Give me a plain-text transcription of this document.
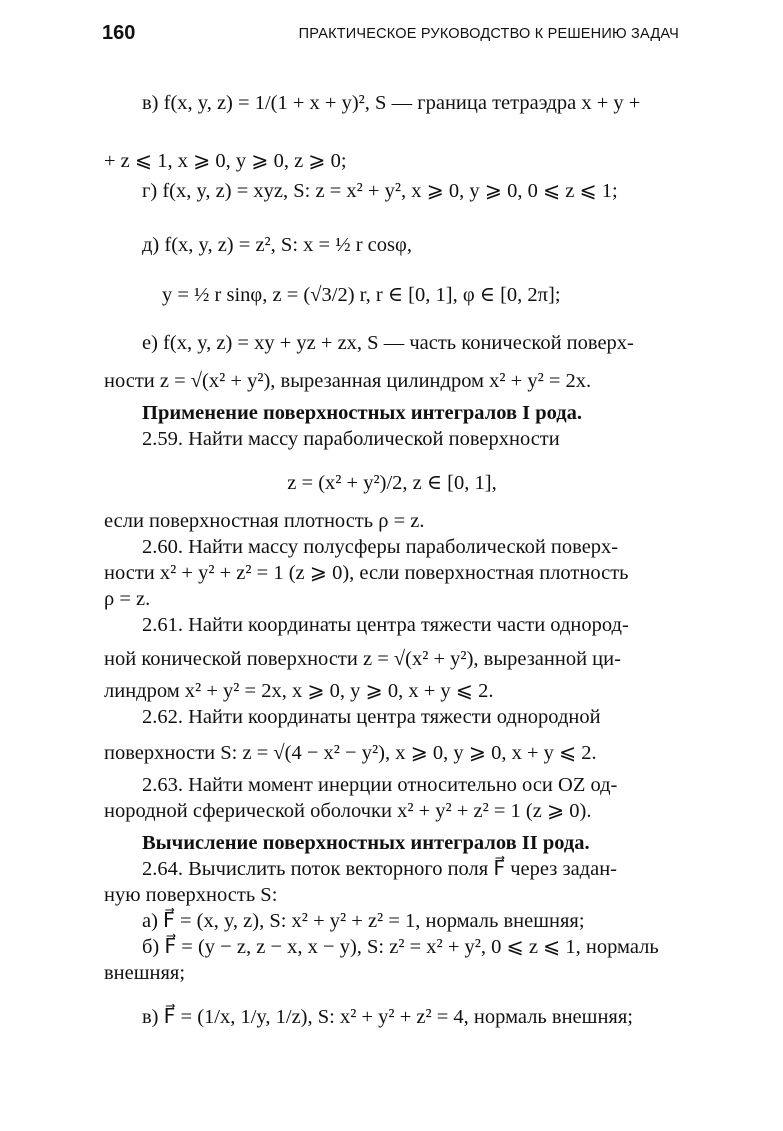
160	ПРАКТИЧЕСКОЕ РУКОВОДСТВО К РЕШЕНИЮ ЗАДАЧ
в) f(x, y, z) = 1/(1 + x + y)², S — граница тетраэдра x + y +
+ z ⩽ 1, x ⩾ 0, y ⩾ 0, z ⩾ 0;
г) f(x, y, z) = xyz, S: z = x² + y², x ⩾ 0, y ⩾ 0, 0 ⩽ z ⩽ 1;
д) f(x, y, z) = z², S: x = ½ r cosφ,
y = ½ r sinφ, z = (√3/2) r, r ∈ [0, 1], φ ∈ [0, 2π];
е) f(x, y, z) = xy + yz + zx, S — часть конической поверх-
ности z = √(x² + y²), вырезанная цилиндром x² + y² = 2x.
Применение поверхностных интегралов I рода.
2.59. Найти массу параболической поверхности
z = (x² + y²)/2, z ∈ [0, 1],
если поверхностная плотность ρ = z.
2.60. Найти массу полусферы параболической поверх-
ности x² + y² + z² = 1 (z ⩾ 0), если поверхностная плотность
ρ = z.
2.61. Найти координаты центра тяжести части однород-
ной конической поверхности z = √(x² + y²), вырезанной ци-
линдром x² + y² = 2x, x ⩾ 0, y ⩾ 0, x + y ⩽ 2.
2.62. Найти координаты центра тяжести однородной
поверхности S: z = √(4 − x² − y²), x ⩾ 0, y ⩾ 0, x + y ⩽ 2.
2.63. Найти момент инерции относительно оси OZ од-
нородной сферической оболочки x² + y² + z² = 1 (z ⩾ 0).
Вычисление поверхностных интегралов II рода.
2.64. Вычислить поток векторного поля F⃗ через задан-
ную поверхность S:
а) F⃗ = (x, y, z), S: x² + y² + z² = 1, нормаль внешняя;
б) F⃗ = (y − z, z − x, x − y), S: z² = x² + y², 0 ⩽ z ⩽ 1, нормаль
внешняя;
в) F⃗ = (1/x, 1/y, 1/z), S: x² + y² + z² = 4, нормаль внешняя;
